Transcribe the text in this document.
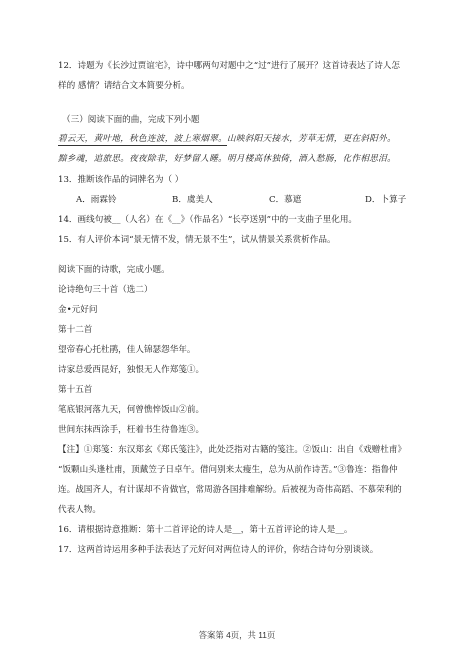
12．诗题为《长沙过贾谊宅》，诗中哪两句对题中之“过”进行了展开？这首诗表达了诗人怎
样的 感情？请结合文本简要分析。
（三）阅读下面的曲，完成下列小题
碧云天，黄叶地，秋色连波，波上寒烟翠。山映斜阳天接水，芳草无情，更在斜阳外。
黯乡魂，追旅思。夜夜除非，好梦留人睡。明月楼高休独倚，酒入愁肠，化作相思泪。
13．推断该作品的词牌名为（ ）
A．雨霖铃	B．虞美人	C．慕遮	D．卜算子
14．画线句被__（人名）在《__》（作品名）“长亭送别”中的一支曲子里化用。
15．有人评价本词“景无情不发，情无景不生”，试从情景关系赏析作品。
阅读下面的诗歌，完成小题。
论诗绝句三十首（选二）
金•元好问
第十二首
望帝春心托杜鹃，佳人锦瑟怨华年。
诗家总爱西昆好，独恨无人作郑笺①。
第十五首
笔底银河落九天，何曾憔悴饭山②前。
世间东抹西涂手，枉着书生待鲁连③。
【注】①郑笺：东汉郑玄《郑氏笺注》，此处泛指对古籍的笺注。②饭山：出自《戏赠杜甫》
“饭颗山头逢杜甫，顶戴笠子日卓午。借问别来太瘦生，总为从前作诗苦。”③鲁连：指鲁仲
连。战国齐人，有计谋却不肯做官，常周游各国排难解纷。后被视为奇伟高蹈、不慕荣利的
代表人物。
16．请根据诗意推断：第十二首评论的诗人是__，第十五首评论的诗人是__。
17．这两首诗运用多种手法表达了元好问对两位诗人的评价，你结合诗句分别谈谈。
答案第 4页，共 11页
